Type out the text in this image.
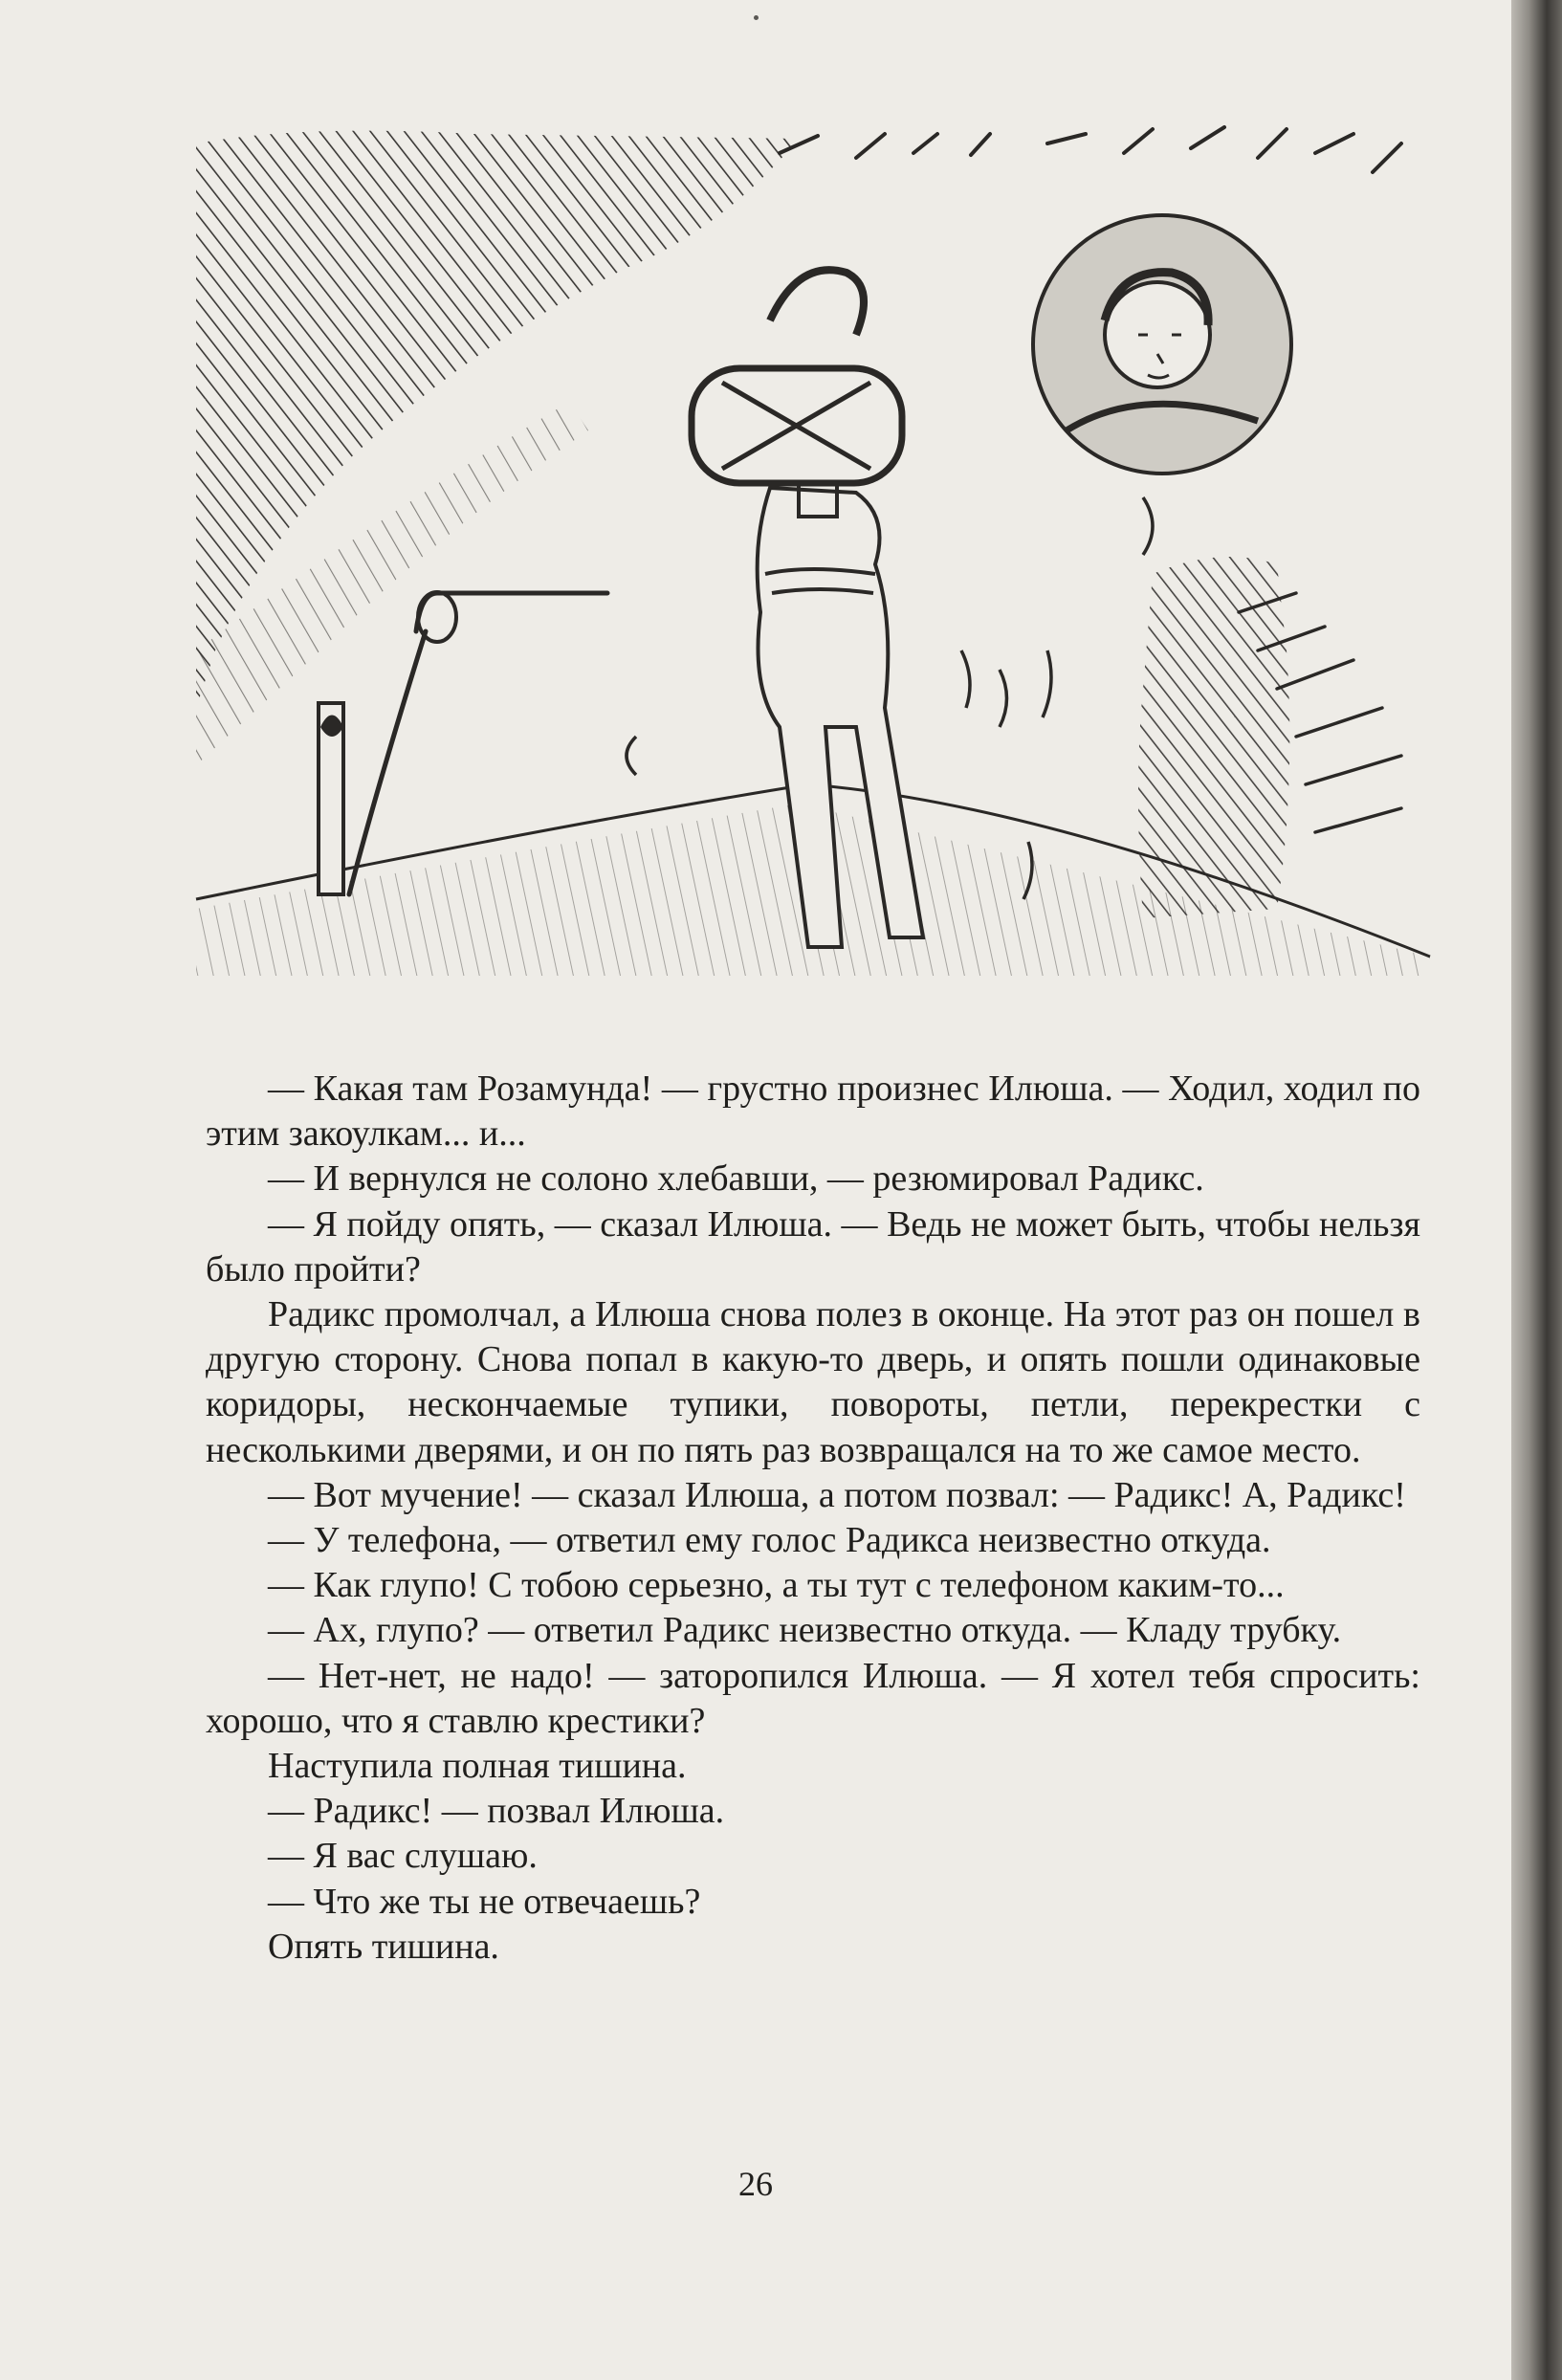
— Какая там Розамунда! — грустно произнес Илюша. — Ходил, ходил по этим закоулкам... и...

— И вернулся не солоно хлебавши, — резюмировал Радикс.

— Я пойду опять, — сказал Илюша. — Ведь не может быть, чтобы нельзя было пройти?

Радикс промолчал, а Илюша снова полез в оконце. На этот раз он пошел в другую сторону. Снова попал в какую-то дверь, и опять пошли одинаковые коридоры, нескончаемые тупики, повороты, петли, перекрестки с несколькими дверями, и он по пять раз возвращался на то же самое место.

— Вот мучение! — сказал Илюша, а потом позвал: — Радикс! А, Радикс!

— У телефона, — ответил ему голос Радикса неизвестно откуда.

— Как глупо! С тобою серьезно, а ты тут с телефоном каким-то...

— Ах, глупо? — ответил Радикс неизвестно откуда. — Кладу трубку.

— Нет-нет, не надо! — заторопился Илюша. — Я хотел тебя спросить: хорошо, что я ставлю крестики?

Наступила полная тишина.

— Радикс! — позвал Илюша.

— Я вас слушаю.

— Что же ты не отвечаешь?

Опять тишина.

26
